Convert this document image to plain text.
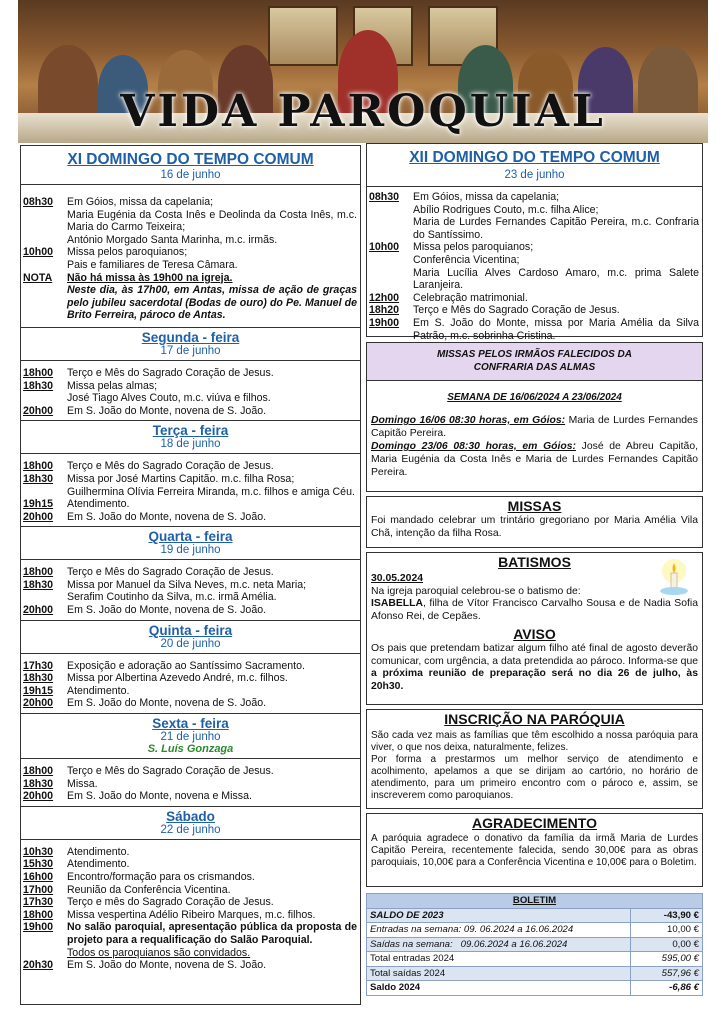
VIDA PAROQUIAL
XI DOMINGO DO TEMPO COMUM
16 de junho
08h30	Em Góios, missa da capelania;
Maria Eugénia da Costa Inês e Deolinda da Costa Inês, m.c. Maria do Carmo Teixeira;
António Morgado Santa Marinha, m.c. irmãs.
10h00	Missa pelos paroquianos;
Pais e familiares de Teresa Câmara.
NOTA	Não há missa às 19h00 na igreja.
Neste dia, às 17h00, em Antas, missa de ação de graças pelo jubileu sacerdotal (Bodas de ouro) do Pe. Manuel de Brito Ferreira, pároco de Antas.
Segunda - feira
17 de junho
18h00	Terço e Mês do Sagrado Coração de Jesus.
18h30	Missa pelas almas;
José Tiago Alves Couto, m.c. viúva e filhos.
20h00	Em S. João do Monte, novena de S. João.
Terça - feira
18 de junho
18h00	Terço e Mês do Sagrado Coração de Jesus.
18h30	Missa por José Martins Capitão. m.c. filha Rosa;
Guilhermina Olívia Ferreira Miranda, m.c. filhos e amiga Céu.
19h15	Atendimento.
20h00	Em S. João do Monte, novena de S. João.
Quarta - feira
19 de junho
18h00	Terço e Mês do Sagrado Coração de Jesus.
18h30	Missa por Manuel da Silva Neves, m.c. neta Maria;
Serafim Coutinho da Silva, m.c. irmã Amélia.
20h00	Em S. João do Monte, novena de S. João.
Quinta - feira
20 de junho
17h30	Exposição e adoração ao Santíssimo Sacramento.
18h30	Missa por Albertina Azevedo André, m.c. filhos.
19h15	Atendimento.
20h00	Em S. João do Monte, novena de S. João.
Sexta - feira
21 de junho
S. Luís Gonzaga
18h00	Terço e Mês do Sagrado Coração de Jesus.
18h30	Missa.
20h00	Em S. João do Monte, novena e Missa.
Sábado
22 de junho
10h30	Atendimento.
15h30	Atendimento.
16h00	Encontro/formação para os crismandos.
17h00	Reunião da Conferência Vicentina.
17h30	Terço e mês do Sagrado Coração de Jesus.
18h00	Missa vespertina Adélio Ribeiro Marques, m.c. filhos.
19h00	No salão paroquial, apresentação pública da proposta de projeto para a requalificação do Salão Paroquial.
Todos os paroquianos são convidados.
20h30	Em S. João do Monte, novena de S. João.
XII DOMINGO DO TEMPO COMUM
23 de junho
08h30	Em Góios, missa da capelania;
Abílio Rodrigues Couto, m.c. filha Alice;
Maria de Lurdes Fernandes Capitão Pereira, m.c. Confraria do Santíssimo.
10h00	Missa pelos paroquianos;
Conferência Vicentina;
Maria Lucília Alves Cardoso Amaro, m.c. prima Salete Laranjeira.
12h00	Celebração matrimonial.
18h20	Terço e Mês do Sagrado Coração de Jesus.
19h00	Em S. João do Monte, missa por Maria Amélia da Silva Patrão, m.c. sobrinha Cristina.
MISSAS PELOS IRMÃOS FALECIDOS DA
CONFRARIA DAS ALMAS
SEMANA DE 16/06/2024 A 23/06/2024
Domingo 16/06 08:30 horas, em Góios: Maria de Lurdes Fernandes Capitão Pereira.
Domingo 23/06 08:30 horas, em Góios: José de Abreu Capitão, Maria Eugénia da Costa Inês e Maria de Lurdes Fernandes Capitão Pereira.
MISSAS
Foi mandado celebrar um trintário gregoriano por Maria Amélia Vila Chã, intenção da filha Rosa.
BATISMOS
30.05.2024
Na igreja paroquial celebrou-se o batismo de:
ISABELLA, filha de Vítor Francisco Carvalho Sousa e de Nadia Sofia Afonso Rei, de Cepães.
AVISO
Os pais que pretendam batizar algum filho até final de agosto deverão comunicar, com urgência, a data pretendida ao pároco. Informa-se que a próxima reunião de preparação será no dia 26 de julho, às 20h30.
INSCRIÇÃO NA PARÓQUIA
São cada vez mais as famílias que têm escolhido a nossa paróquia para viver, o que nos deixa, naturalmente, felizes.
Por forma a prestarmos um melhor serviço de atendimento e acolhimento, apelamos a que se dirijam ao cartório, no horário de atendimento, para um primeiro encontro com o pároco e, assim, se inscreverem como paroquianos.
AGRADECIMENTO
A paróquia agradece o donativo da família da irmã Maria de Lurdes Capitão Pereira, recentemente falecida, sendo 30,00€ para as obras paroquiais, 10,00€ para a Conferência Vicentina e 10,00€ para o Boletim.
BOLETIM	
SALDO DE 2023	-43,90 €
Entradas na semana: 09. 06.2024 a 16.06.2024	10,00 €
Saídas na semana:   09.06.2024 a 16.06.2024	0,00 €
Total entradas 2024	595,00 €
Total saídas 2024	557,96 €
Saldo 2024	-6,86 €
